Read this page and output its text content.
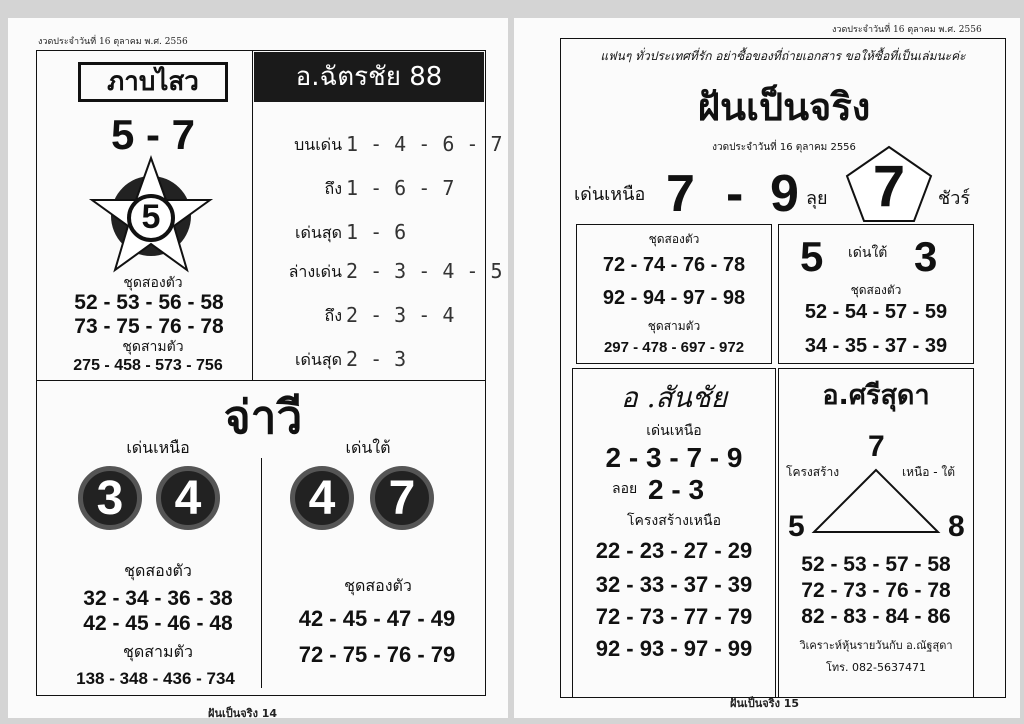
งวดประจำวันที่ 16 ตุลาคม พ.ศ. 2556
ภาบไสว
5 - 7
5
ชุดสองตัว
52 - 53 - 56 - 58
73 - 75 - 76 - 78
ชุดสามตัว
275 - 458 - 573 - 756
อ.ฉัตรชัย 88
บนเด่น 1 - 4 - 6 - 7
ถึง 1 - 6 - 7
เด่นสุด 1 - 6
ล่างเด่น 2 - 3 - 4 - 5
ถึง 2 - 3 - 4
เด่นสุด 2 - 3
จ่าวี
เด่นเหนือ	เด่นใต้
3 4 4 7
ชุดสองตัว
32 - 34 - 36 - 38
42 - 45 - 46 - 48
ชุดสามตัว
138 - 348 - 436 - 734
ชุดสองตัว
42 - 45 - 47 - 49
72 - 75 - 76 - 79
ฝันเป็นจริง 14
งวดประจำวันที่ 16 ตุลาคม พ.ศ. 2556
แฟนๆ ทั่วประเทศที่รัก อย่าซื้อของที่ถ่ายเอกสาร ขอให้ซื้อที่เป็นเล่มนะค่ะ
ฝันเป็นจริง
งวดประจำวันที่ 16 ตุลาคม 2556
เด่นเหนือ 7 - 9 ลุย 7	ชัวร์
ชุดสองตัว
72 - 74 - 76 - 78
92 - 94 - 97 - 98
ชุดสามตัว
297 - 478 - 697 - 972
5 เด่นใต้ 3
ชุดสองตัว
52 - 54 - 57 - 59
34 - 35 - 37 - 39
อ .สันชัย
เด่นเหนือ
2 - 3 - 7 - 9
ลอย 2 - 3
โครงสร้างเหนือ
22 - 23 - 27 - 29
32 - 33 - 37 - 39
72 - 73 - 77 - 79
92 - 93 - 97 - 99
อ.ศรีสุดา
โครงสร้าง	เหนือ - ใต้
7
5	8
52 - 53 - 57 - 58
72 - 73 - 76 - 78
82 - 83 - 84 - 86
วิเคราะห์หุ้นรายวันกับ อ.ณัฐสุดา
โทร. 082-5637471
ฝันเป็นจริง 15
